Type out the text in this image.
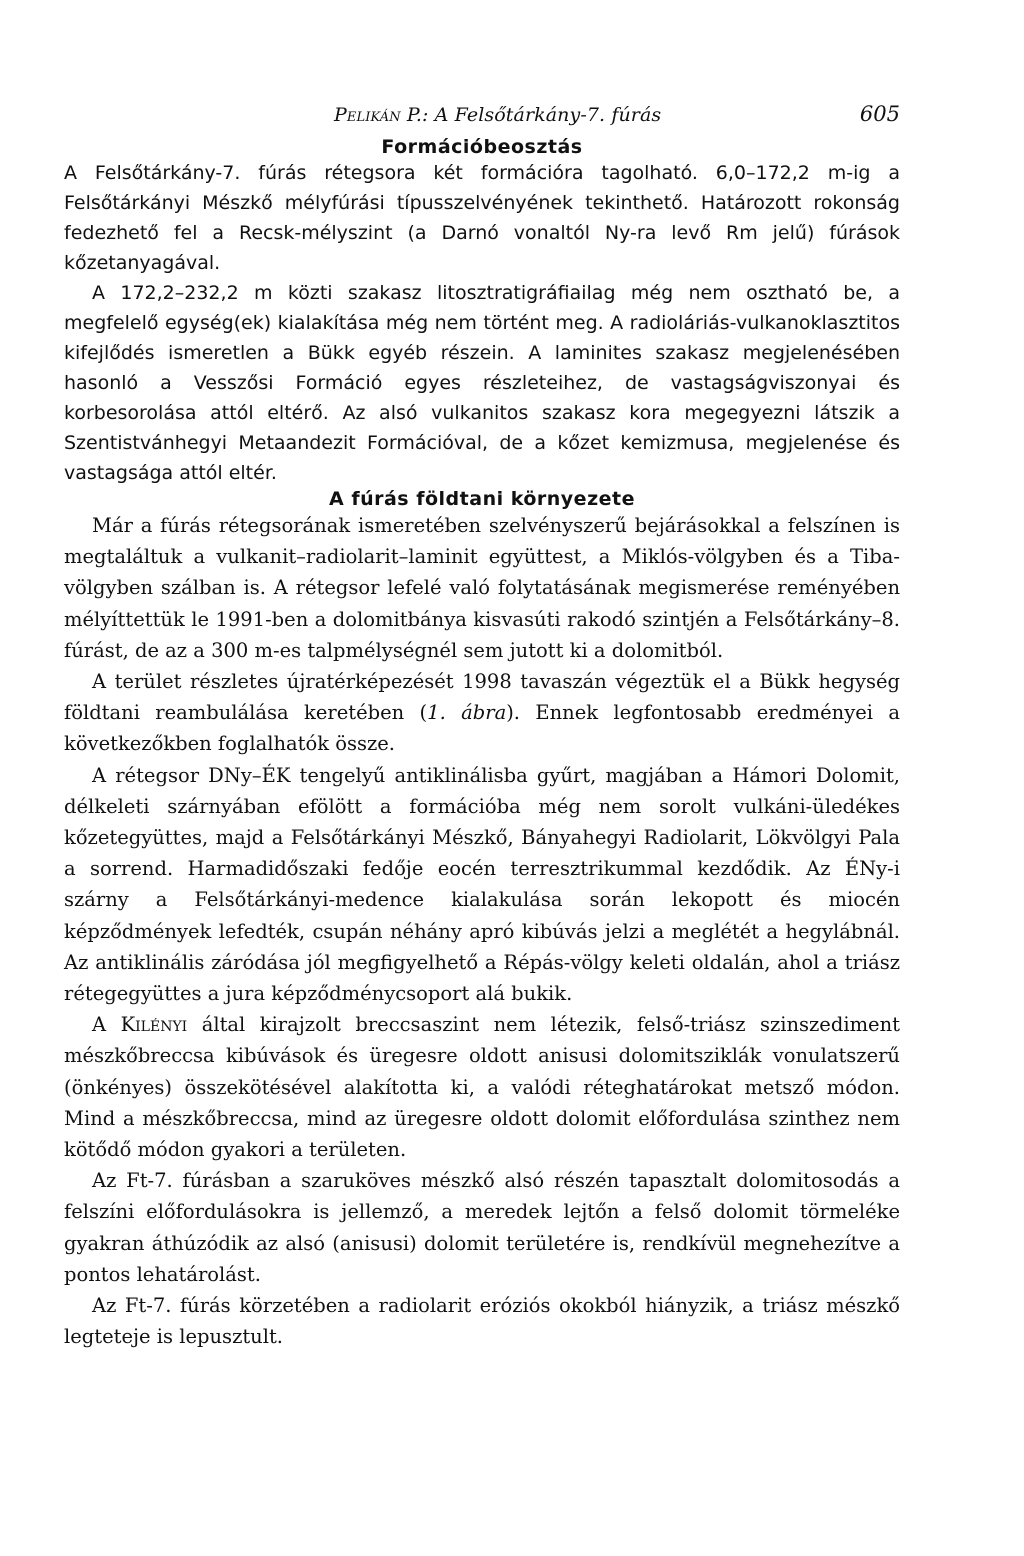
Pelikán P.: A Felsőtárkány-7. fúrás	605
Formációbeosztás

A Felsőtárkány-7. fúrás rétegsora két formációra tagolható. 6,0–172,2 m-ig a Felsőtárkányi Mészkő mélyfúrási típusszelvényének tekinthető. Határozott rokonság fedezhető fel a Recsk-mélyszint (a Darnó vonaltól Ny-ra levő Rm jelű) fúrások kőzetanyagával.

A 172,2–232,2 m közti szakasz litosztratigráfiailag még nem osztható be, a megfelelő egység(ek) kialakítása még nem történt meg. A radioláriás-vulkanoklasztitos kifejlődés ismeretlen a Bükk egyéb részein. A laminites szakasz megjelenésében hasonló a Vesszősi Formáció egyes részleteihez, de vastagságviszonyai és korbesorolása attól eltérő. Az alsó vulkanitos szakasz kora megegyezni látszik a Szentistvánhegyi Metaandezit Formációval, de a kőzet kemizmusa, megjelenése és vastagsága attól eltér.

A fúrás földtani környezete

Már a fúrás rétegsorának ismeretében szelvényszerű bejárásokkal a felszínen is megtaláltuk a vulkanit–radiolarit–laminit együttest, a Miklós-völgyben és a Tiba-völgyben szálban is. A rétegsor lefelé való folytatásának megismerése reményében mélyíttettük le 1991-ben a dolomitbánya kisvasúti rakodó szintjén a Felsőtárkány–8. fúrást, de az a 300 m-es talpmélységnél sem jutott ki a dolomitból.

A terület részletes újratérképezését 1998 tavaszán végeztük el a Bükk hegység földtani reambulálása keretében (1. ábra). Ennek legfontosabb eredményei a következőkben foglalhatók össze.

A rétegsor DNy–ÉK tengelyű antiklinálisba gyűrt, magjában a Hámori Dolomit, délkeleti szárnyában efölött a formációba még nem sorolt vulkáni-üledékes kőzetegyüttes, majd a Felsőtárkányi Mészkő, Bányahegyi Radiolarit, Lökvölgyi Pala a sorrend. Harmadidőszaki fedője eocén terresztrikummal kezdődik. Az ÉNy-i szárny a Felsőtárkányi-medence kialakulása során lekopott és miocén képződmények lefedték, csupán néhány apró kibúvás jelzi a meglétét a hegylábnál. Az antiklinális záródása jól megfigyelhető a Répás-völgy keleti oldalán, ahol a triász rétegegyüttes a jura képződménycsoport alá bukik.

A Kilényi által kirajzolt breccsaszint nem létezik, felső-triász szinszediment mészkőbreccsa kibúvások és üregesre oldott anisusi dolomitsziklák vonulatszerű (önkényes) összekötésével alakította ki, a valódi réteghatárokat metsző módon. Mind a mészkőbreccsa, mind az üregesre oldott dolomit előfordulása szinthez nem kötődő módon gyakori a területen.

Az Ft-7. fúrásban a szaruköves mészkő alsó részén tapasztalt dolomitosodás a felszíni előfordulásokra is jellemző, a meredek lejtőn a felső dolomit törmeléke gyakran áthúzódik az alsó (anisusi) dolomit területére is, rendkívül megnehezítve a pontos lehatárolást.

Az Ft-7. fúrás körzetében a radiolarit eróziós okokból hiányzik, a triász mészkő legteteje is lepusztult.
